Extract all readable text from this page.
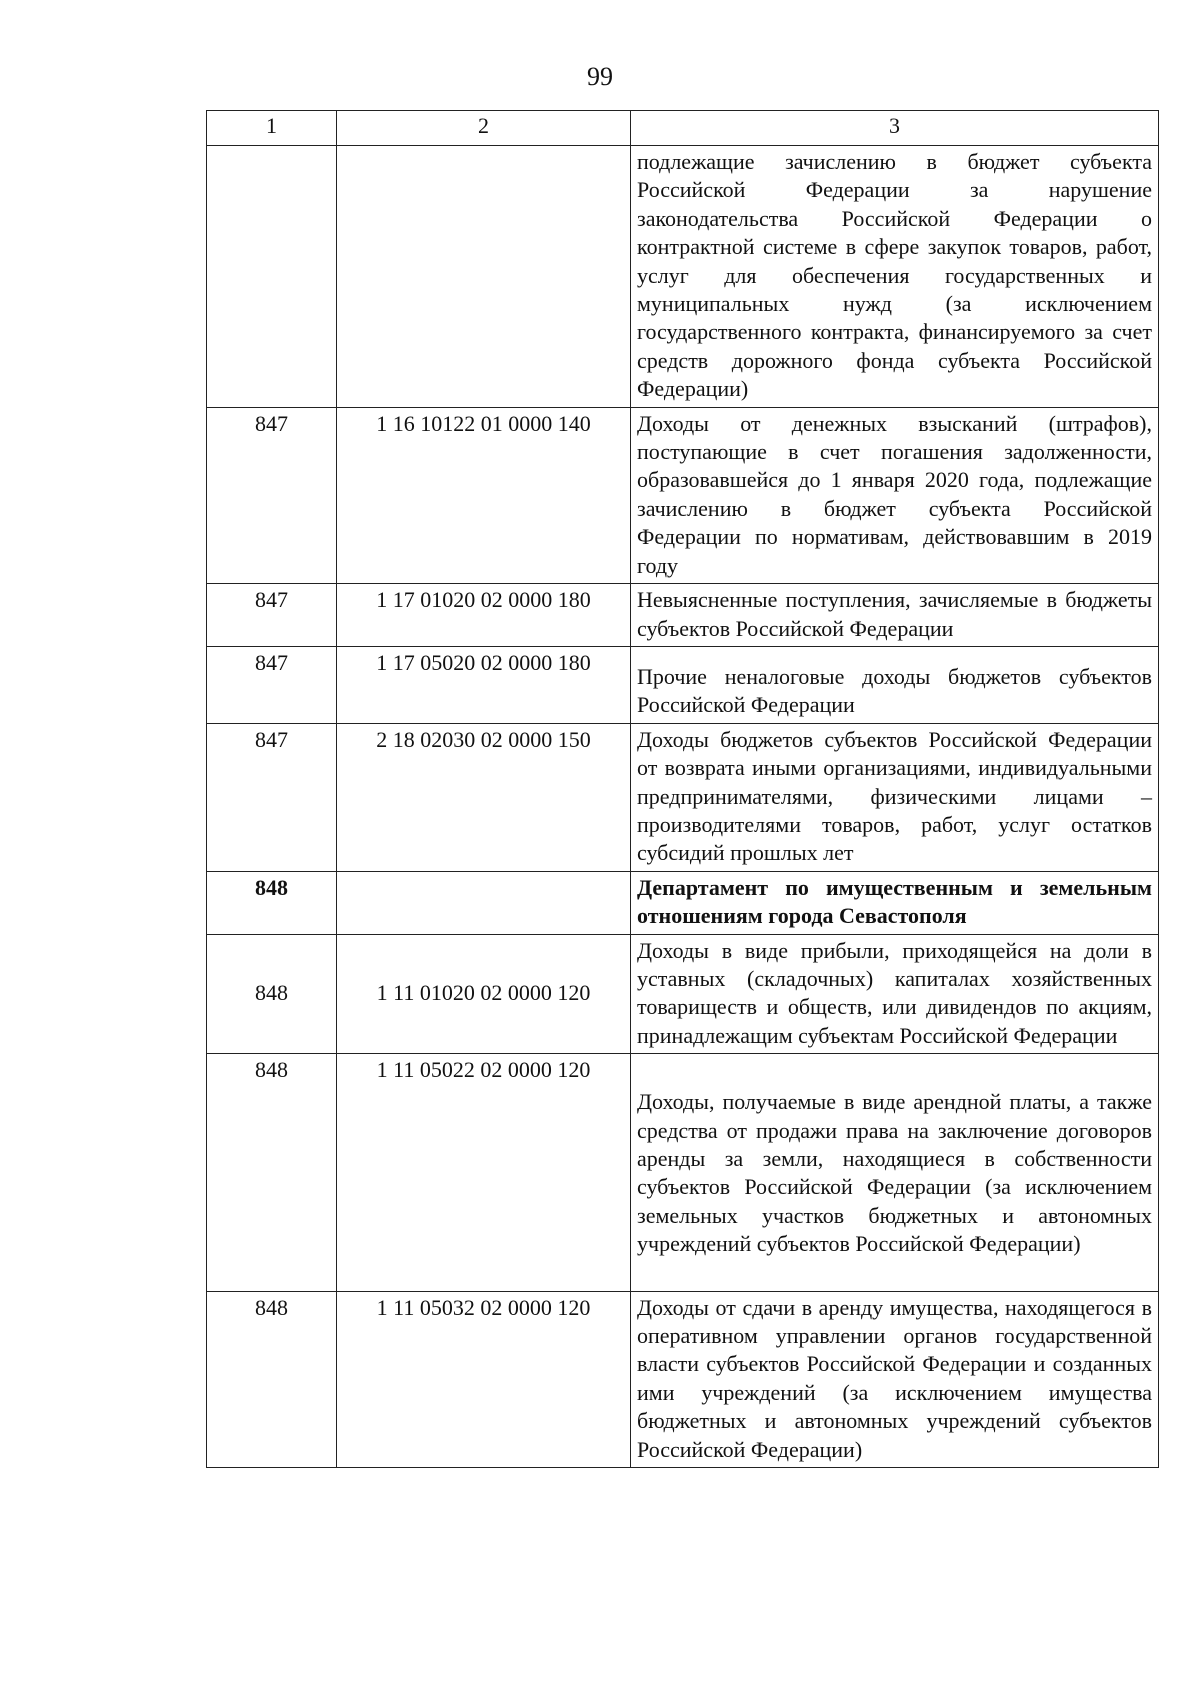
99
1	2	3
		подлежащие зачислению в бюджет субъекта Российской Федерации за нарушение законодательства Российской Федерации о контрактной системе в сфере закупок товаров, работ, услуг для обеспечения государственных и муниципальных нужд (за исключением государственного контракта, финансируемого за счет средств дорожного фонда субъекта Российской Федерации)
847	1 16 10122 01 0000 140	Доходы от денежных взысканий (штрафов), поступающие в счет погашения задолженности, образовавшейся до 1 января 2020 года, подлежащие зачислению в бюджет субъекта Российской Федерации по нормативам, действовавшим в 2019 году
847	1 17 01020 02 0000 180	Невыясненные поступления, зачисляемые в бюджеты субъектов Российской Федерации
847	1 17 05020 02 0000 180	Прочие неналоговые доходы бюджетов субъектов Российской Федерации
847	2 18 02030 02 0000 150	Доходы бюджетов субъектов Российской Федерации от возврата иными организациями, индивидуальными предпринимателями, физическими лицами – производителями товаров, работ, услуг остатков субсидий прошлых лет
848		Департамент по имущественным и земельным отношениям города Севастополя
848	1 11 01020 02 0000 120	Доходы в виде прибыли, приходящейся на доли в уставных (складочных) капиталах хозяйственных товариществ и обществ, или дивидендов по акциям, принадлежащим субъектам Российской Федерации
848	1 11 05022 02 0000 120	Доходы, получаемые в виде арендной платы, а также средства от продажи права на заключение договоров аренды за земли, находящиеся в собственности субъектов Российской Федерации (за исключением земельных участков бюджетных и автономных учреждений субъектов Российской Федерации)
848	1 11 05032 02 0000 120	Доходы от сдачи в аренду имущества, находящегося в оперативном управлении органов государственной власти субъектов Российской Федерации и созданных ими учреждений (за исключением имущества бюджетных и автономных учреждений субъектов Российской Федерации)
